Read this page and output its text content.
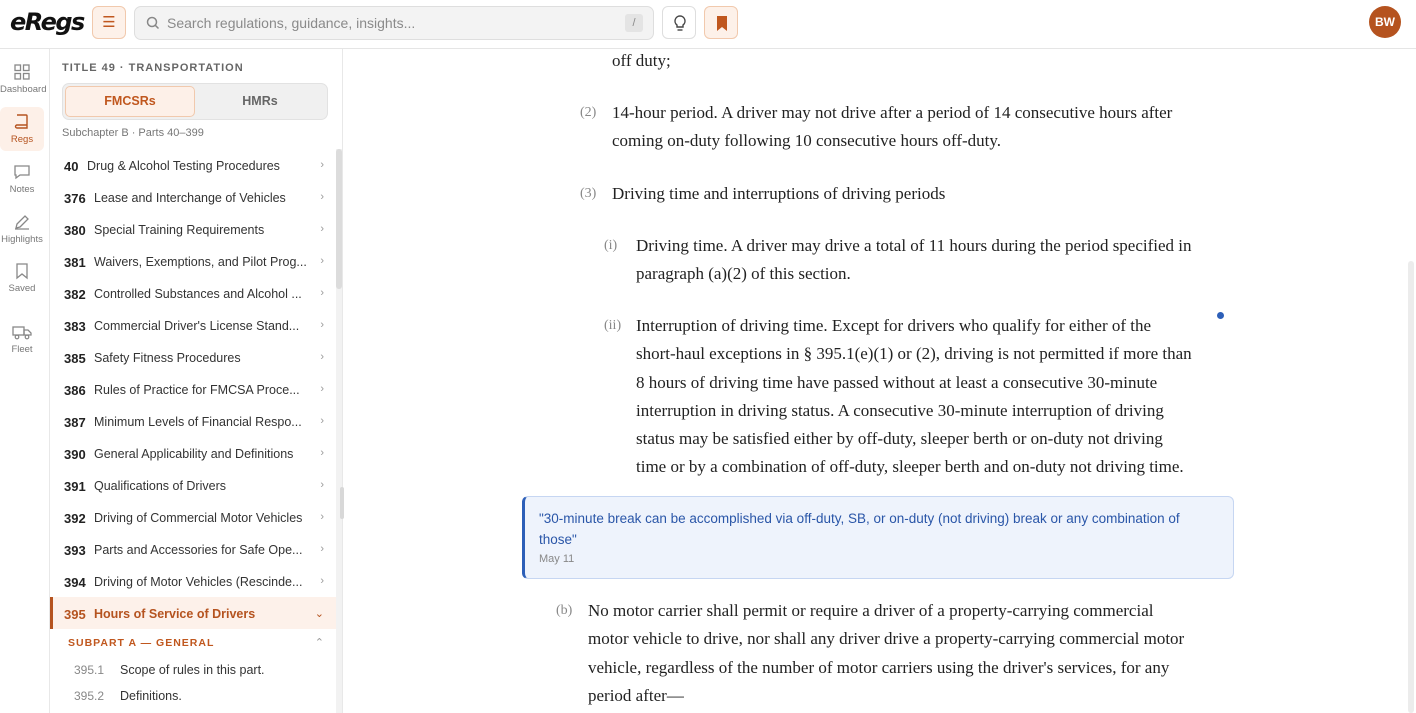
eRegs	☰	Search regulations, guidance, insights...	/	BW
Dashboard
Regs
Notes
Highlights
Saved
Fleet
TITLE 49 · TRANSPORTATION
FMCSRs	HMRs
Subchapter B · Parts 40–399
40 Drug & Alcohol Testing Procedures	›
376 Lease and Interchange of Vehicles	›
380 Special Training Requirements	›
381 Waivers, Exemptions, and Pilot Prog... ›
382 Controlled Substances and Alcohol ... ›
383 Commercial Driver's License Stand... ›
385 Safety Fitness Procedures	›
386 Rules of Practice for FMCSA Proce... ›
387 Minimum Levels of Financial Respo... ›
390 General Applicability and Definitions ›
391 Qualifications of Drivers	›
392 Driving of Commercial Motor Vehicles ›
393 Parts and Accessories for Safe Ope... ›
394 Driving of Motor Vehicles (Rescinde... ›
395 Hours of Service of Drivers	⌄
SUBPART A — GENERAL	⌃
395.1 Scope of rules in this part.
395.2 Definitions.
off duty;
(2) 14-hour period. A driver may not drive after a period of 14 consecutive hours after
coming on-duty following 10 consecutive hours off-duty.
(3) Driving time and interruptions of driving periods
(i) Driving time. A driver may drive a total of 11 hours during the period specified in
paragraph (a)(2) of this section.
(ii) Interruption of driving time. Except for drivers who qualify for either of the
short-haul exceptions in § 395.1(e)(1) or (2), driving is not permitted if more than
8 hours of driving time have passed without at least a consecutive 30-minute
interruption in driving status. A consecutive 30-minute interruption of driving
status may be satisfied either by off-duty, sleeper berth or on-duty not driving
time or by a combination of off-duty, sleeper berth and on-duty not driving time.
"30-minute break can be accomplished via off-duty, SB, or on-duty (not driving) break or any combination of those"
May 11
(b) No motor carrier shall permit or require a driver of a property-carrying commercial
motor vehicle to drive, nor shall any driver drive a property-carrying commercial motor
vehicle, regardless of the number of motor carriers using the driver's services, for any
period after—
